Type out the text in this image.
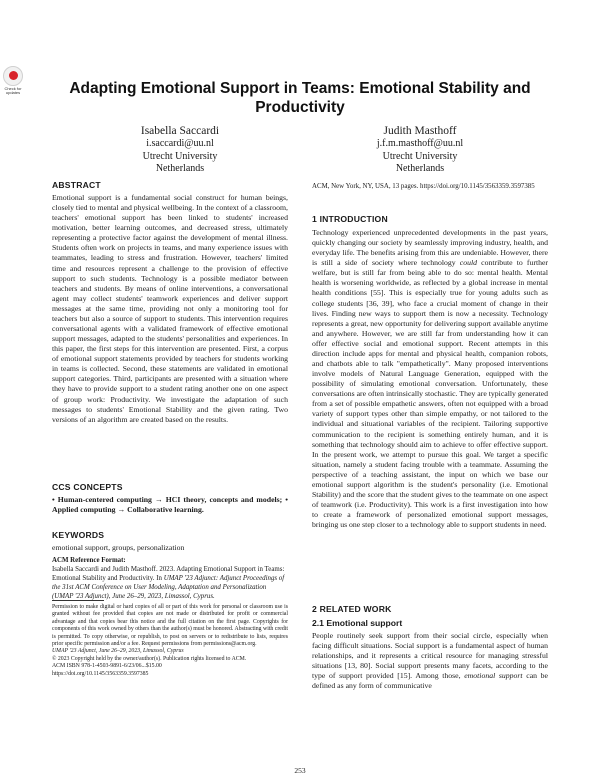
Check for updates	Adapting Emotional Support in Teams: Emotional Stability and Productivity
Isabella Saccardi
i.saccardi@uu.nl
Utrecht University
Netherlands
Judith Masthoff
j.f.m.masthoff@uu.nl
Utrecht University
Netherlands

ABSTRACT

Emotional support is a fundamental social construct for human beings, closely tied to mental and physical wellbeing. In the context of a classroom, teachers' emotional support has been linked to students' increased motivation, better learning outcomes, and decreased stress, ultimately representing a protective factor against the development of mental illness. Students often work on projects in teams, and many experience issues with teammates, leading to stress and frustration. However, teachers' limited time and resources represent a challenge to the provision of effective support to such students. Technology is a possible mediator between teachers and students. By means of online interventions, a conversational agent may collect students' teamwork experiences and deliver support messages at the same time, providing not only a monitoring tool for teachers but also a source of support to students. This intervention requires conversational agents with a validated framework of effective emotional support messages, adapted to the students' personalities and experiences. In this paper, the first steps for this intervention are presented. First, a corpus of emotional support statements provided by teachers for students working in teams is collected. Second, these statements are validated in emotional support categories. Third, participants are presented with a situation where they have to provide support to a student rating another one on one aspect of group work: Productivity. We investigate the adaptation of such messages to students' Emotional Stability and the given rating. Two versions of an algorithm are created based on the results.

CCS CONCEPTS

• Human-centered computing → HCI theory, concepts and models; • Applied computing → Collaborative learning.

KEYWORDS

emotional support, groups, personalization

ACM Reference Format:

Isabella Saccardi and Judith Masthoff. 2023. Adapting Emotional Support in Teams: Emotional Stability and Productivity. In UMAP '23 Adjunct: Adjunct Proceedings of the 31st ACM Conference on User Modeling, Adaptation and Personalization (UMAP '23 Adjunct), June 26–29, 2023, Limassol, Cyprus.

Permission to make digital or hard copies of all or part of this work for personal or classroom use is granted without fee provided that copies are not made or distributed for profit or commercial advantage and that copies bear this notice and the full citation on the first page. Copyrights for components of this work owned by others than the author(s) must be honored. Abstracting with credit is permitted. To copy otherwise, or republish, to post on servers or to redistribute to lists, requires prior specific permission and/or a fee. Request permissions from permissions@acm.org.

UMAP '23 Adjunct, June 26–29, 2023, Limassol, Cyprus

© 2023 Copyright held by the owner/author(s). Publication rights licensed to ACM.

ACM ISBN 978-1-4503-9891-6/23/06...$15.00

https://doi.org/10.1145/3563359.3597385

ACM, New York, NY, USA, 13 pages. https://doi.org/10.1145/3563359.3597385

1 INTRODUCTION

Technology experienced unprecedented developments in the past years, quickly changing our society by seamlessly improving industry, health, and everyday life. The benefits arising from this are undeniable. However, there is still a side of society where technology could contribute to further welfare, but is still far from being able to do so: mental health. Mental health is worsening worldwide, as reflected by a global increase in mental health conditions [55]. This is especially true for young adults such as college students [36, 39], who face a crucial moment of change in their lives. Finding new ways to support them is now a necessity. Technology represents a great, new opportunity for delivering support available anytime and anywhere. However, we are still far from understanding how it can offer effective social and emotional support. Recent attempts in this direction include apps for mental and physical health, companion robots, and chatbots able to talk "empathetically". Many proposed interventions involve models of Natural Language Generation, equipped with the possibility of simulating emotional conversation. Unfortunately, these conversations are often intrinsically stochastic. They are typically generated from a set of possible empathetic answers, often not equipped with a broad variety of support types other than simple empathy, or not tailored to the individual and situational variables of the recipient. Tailoring supportive communication to the recipient is something entirely human, and it is something that technology should aim to achieve to offer effective support. In the present work, we attempt to pursue this goal. We target a specific situation, namely a student facing trouble with a teammate. Assuming the perspective of a teaching assistant, the input on which we base our emotional support algorithm is the student's personality (i.e. Emotional Stability) and the score that the student gives to the teammate on one aspect of teamwork (i.e. Productivity). This work is a first investigation into how to create a framework of personalized emotional support messages, bringing us one step closer to a technology able to support students in need.

2 RELATED WORK

2.1 Emotional support

People routinely seek support from their social circle, especially when facing difficult situations. Social support is a fundamental aspect of human relationships, and it represents a critical resource for managing stressful situations [13, 80]. Social support presents many facets, according to the type of support provided [15]. Among those, emotional support can be defined as any form of communicative

253
